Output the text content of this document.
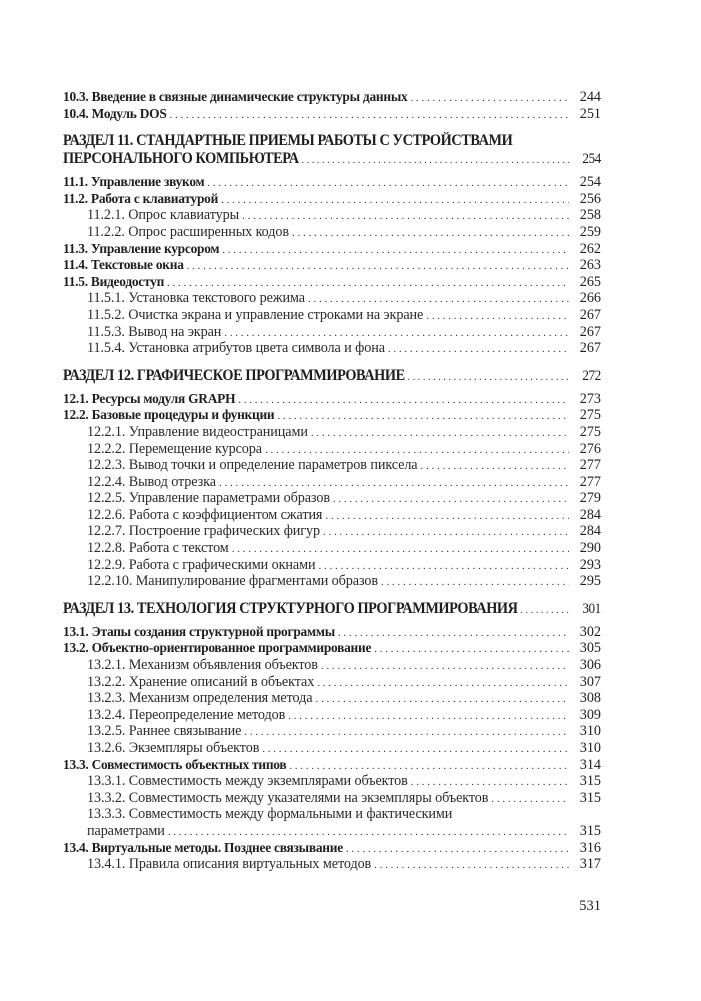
10.3. Введение в связные динамические структуры данных . . .	244
10.4. Модуль DOS . . .	251
РАЗДЕЛ 11. СТАНДАРТНЫЕ ПРИЕМЫ РАБОТЫ С УСТРОЙСТВАМИ
ПЕРСОНАЛЬНОГО КОМПЬЮТЕРА . . .	254
11.1. Управление звуком . . .	254
11.2. Работа с клавиатурой . . .	256
11.2.1. Опрос клавиатуры . . .	258
11.2.2. Опрос расширенных кодов . . .	259
11.3. Управление курсором . . .	262
11.4. Текстовые окна . . .	263
11.5. Видеодоступ . . .	265
11.5.1. Установка текстового режима . . .	266
11.5.2. Очистка экрана и управление строками на экране . . .	267
11.5.3. Вывод на экран . . .	267
11.5.4. Установка атрибутов цвета символа и фона . . .	267
РАЗДЕЛ 12. ГРАФИЧЕСКОЕ ПРОГРАММИРОВАНИЕ . . .	272
12.1. Ресурсы модуля GRAPH . . .	273
12.2. Базовые процедуры и функции . . .	275
12.2.1. Управление видеостраницами . . .	275
12.2.2. Перемещение курсора . . .	276
12.2.3. Вывод точки и определение параметров пиксела . . .	277
12.2.4. Вывод отрезка . . .	277
12.2.5. Управление параметрами образов . . .	279
12.2.6. Работа с коэффициентом сжатия . . .	284
12.2.7. Построение графических фигур . . .	284
12.2.8. Работа с текстом . . .	290
12.2.9. Работа с графическими окнами . . .	293
12.2.10. Манипулирование фрагментами образов . . .	295
РАЗДЕЛ 13. ТЕХНОЛОГИЯ СТРУКТУРНОГО ПРОГРАММИРОВАНИЯ . . .	301
13.1. Этапы создания структурной программы . . .	302
13.2. Объектно-ориентированное программирование . . .	305
13.2.1. Механизм объявления объектов . . .	306
13.2.2. Хранение описаний в объектах . . .	307
13.2.3. Механизм определения метода . . .	308
13.2.4. Переопределение методов . . .	309
13.2.5. Раннее связывание . . .	310
13.2.6. Экземпляры объектов . . .	310
13.3. Совместимость объектных типов . . .	314
13.3.1. Совместимость между экземплярами объектов . . .	315
13.3.2. Совместимость между указателями на экземпляры объектов . . .	315
13.3.3. Совместимость между формальными и фактическими
параметрами . . .	315
13.4. Виртуальные методы. Позднее связывание . . .	316
13.4.1. Правила описания виртуальных методов . . .	317
531
